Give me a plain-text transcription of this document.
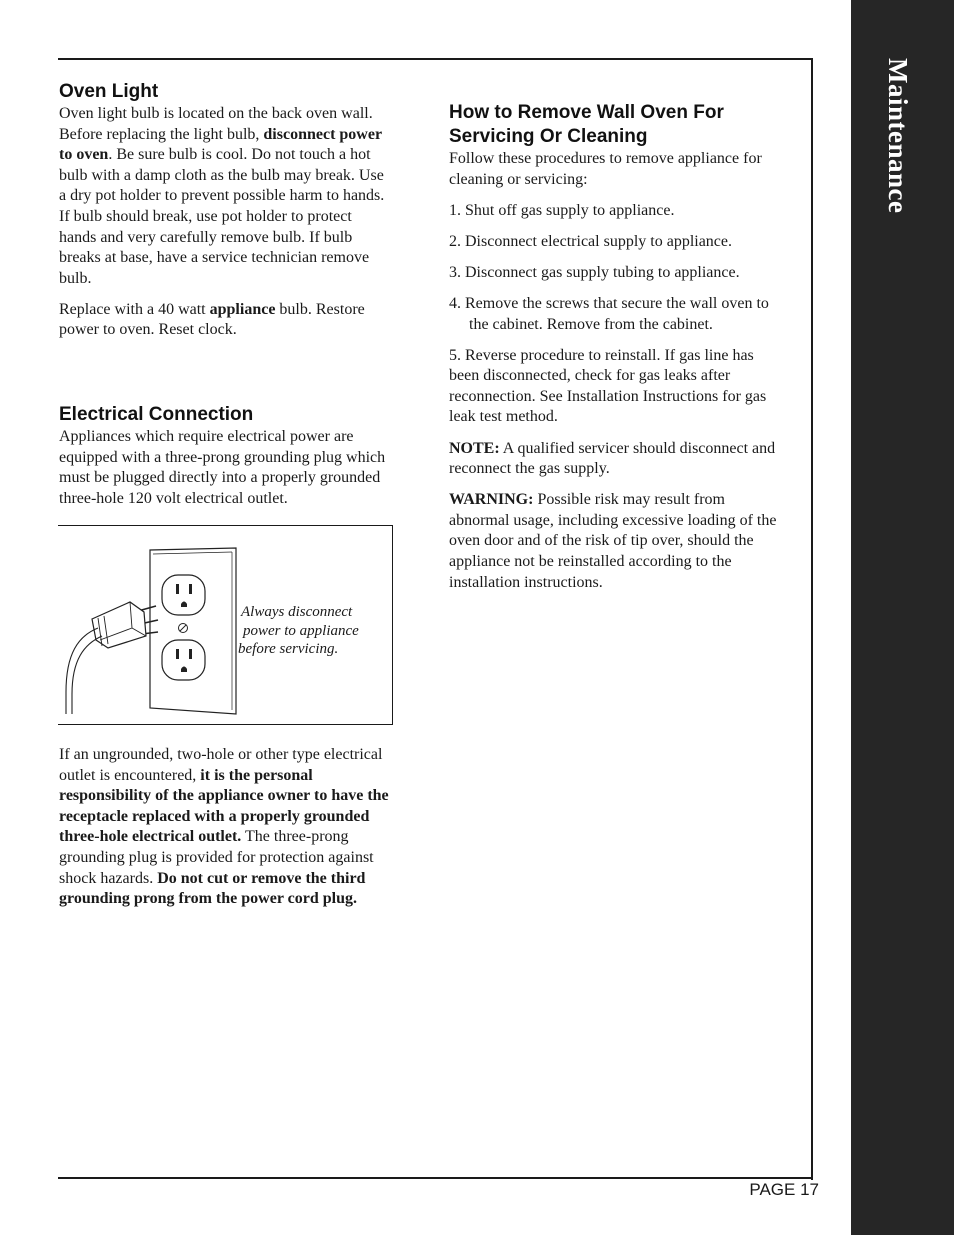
Maintenance
Oven Light

Oven light bulb is located on the back oven wall. Before replacing the light bulb, disconnect power to oven. Be sure bulb is cool. Do not touch a hot bulb with a damp cloth as the bulb may break. Use a dry pot holder to prevent possible harm to hands. If bulb should break, use pot holder to protect hands and very carefully remove bulb. If bulb breaks at base, have a service technician remove bulb.

Replace with a 40 watt appliance bulb. Restore power to oven. Reset clock.

Electrical Connection

Appliances which require electrical power are equipped with a three-prong grounding plug which must be plugged directly into a properly grounded three-hole 120 volt electrical outlet.

Always disconnect
power to appliance
before servicing.

If an ungrounded, two-hole or other type electrical outlet is encountered, it is the personal responsibility of the appliance owner to have the receptacle replaced with a properly grounded three-hole electrical outlet. The three-prong grounding plug is provided for protection against shock hazards. Do not cut or remove the third grounding prong from the power cord plug.

How to Remove Wall Oven For Servicing Or Cleaning

Follow these procedures to remove appliance for cleaning or servicing:

1. Shut off gas supply to appliance.

2. Disconnect electrical supply to appliance.

3. Disconnect gas supply tubing to appliance.

4. Remove the screws that secure the wall oven to the cabinet. Remove from the cabinet.

5. Reverse procedure to reinstall. If gas line has been disconnected, check for gas leaks after reconnection. See Installation Instructions for gas leak test method.

NOTE: A qualified servicer should disconnect and reconnect the gas supply.

WARNING: Possible risk may result from abnormal usage, including excessive loading of the oven door and of the risk of tip over, should the appliance not be reinstalled according to the installation instructions.

PAGE 17
